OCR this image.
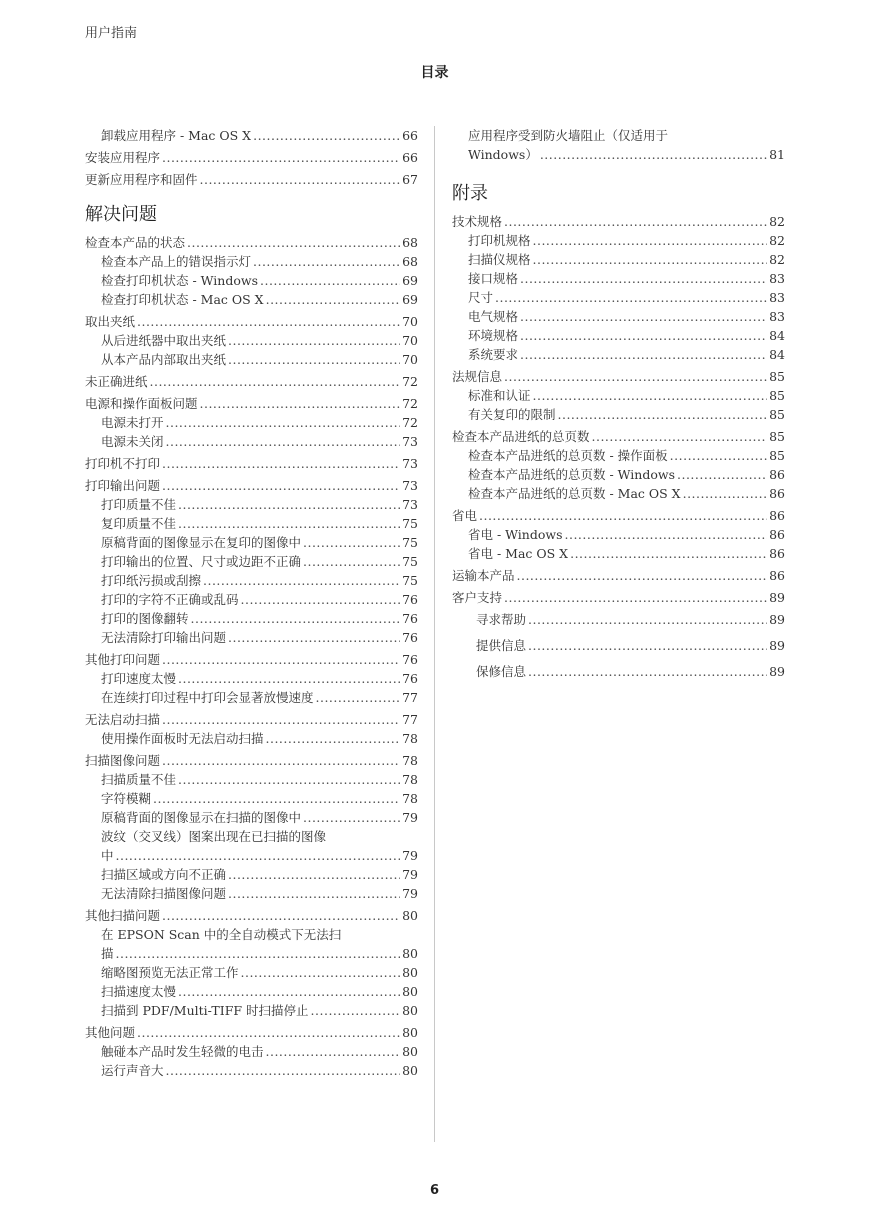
用户指南
目录
卸载应用程序 - Mac OS X .....	66
安装应用程序 .....	66
更新应用程序和固件 .....	67
解决问题
检查本产品的状态 .....	68
检查本产品上的错误指示灯 .....	68
检查打印机状态 - Windows .....	69
检查打印机状态 - Mac OS X .....	69
取出夹纸 .....	70
从后进纸器中取出夹纸 .....	70
从本产品内部取出夹纸 .....	70
未正确进纸 .....	72
电源和操作面板问题 .....	72
电源未打开 .....	72
电源未关闭 .....	73
打印机不打印 .....	73
打印输出问题 .....	73
打印质量不佳 .....	73
复印质量不佳 .....	75
原稿背面的图像显示在复印的图像中 .....	75
打印输出的位置、尺寸或边距不正确 .....	75
打印纸污损或刮擦 .....	75
打印的字符不正确或乱码 .....	76
打印的图像翻转 .....	76
无法清除打印输出问题 .....	76
其他打印问题 .....	76
打印速度太慢 .....	76
在连续打印过程中打印会显著放慢速度 .....	77
无法启动扫描 .....	77
使用操作面板时无法启动扫描 .....	78
扫描图像问题 .....	78
扫描质量不佳 .....	78
字符模糊 .....	78
原稿背面的图像显示在扫描的图像中 .....	79
波纹（交叉线）图案出现在已扫描的图像
中 .....	79
扫描区域或方向不正确 .....	79
无法清除扫描图像问题 .....	79
其他扫描问题 .....	80
在 EPSON Scan 中的全自动模式下无法扫
描 .....	80
缩略图预览无法正常工作 .....	80
扫描速度太慢 .....	80
扫描到 PDF/Multi-TIFF 时扫描停止 .....	80
其他问题 .....	80
触碰本产品时发生轻微的电击 .....	80
运行声音大 .....	80
应用程序受到防火墙阻止（仅适用于
Windows） .....	81
附录
技术规格 .....	82
打印机规格 .....	82
扫描仪规格 .....	82
接口规格 .....	83
尺寸 .....	83
电气规格 .....	83
环境规格 .....	84
系统要求 .....	84
法规信息 .....	85
标准和认证 .....	85
有关复印的限制 .....	85
检查本产品进纸的总页数 .....	85
检查本产品进纸的总页数 - 操作面板 .....	85
检查本产品进纸的总页数 - Windows .....	86
检查本产品进纸的总页数 - Mac OS X .....	86
省电 .....	86
省电 - Windows .....	86
省电 - Mac OS X .....	86
运输本产品 .....	86
客户支持 .....	89
寻求帮助 .....	89
提供信息 .....	89
保修信息 .....	89
6
